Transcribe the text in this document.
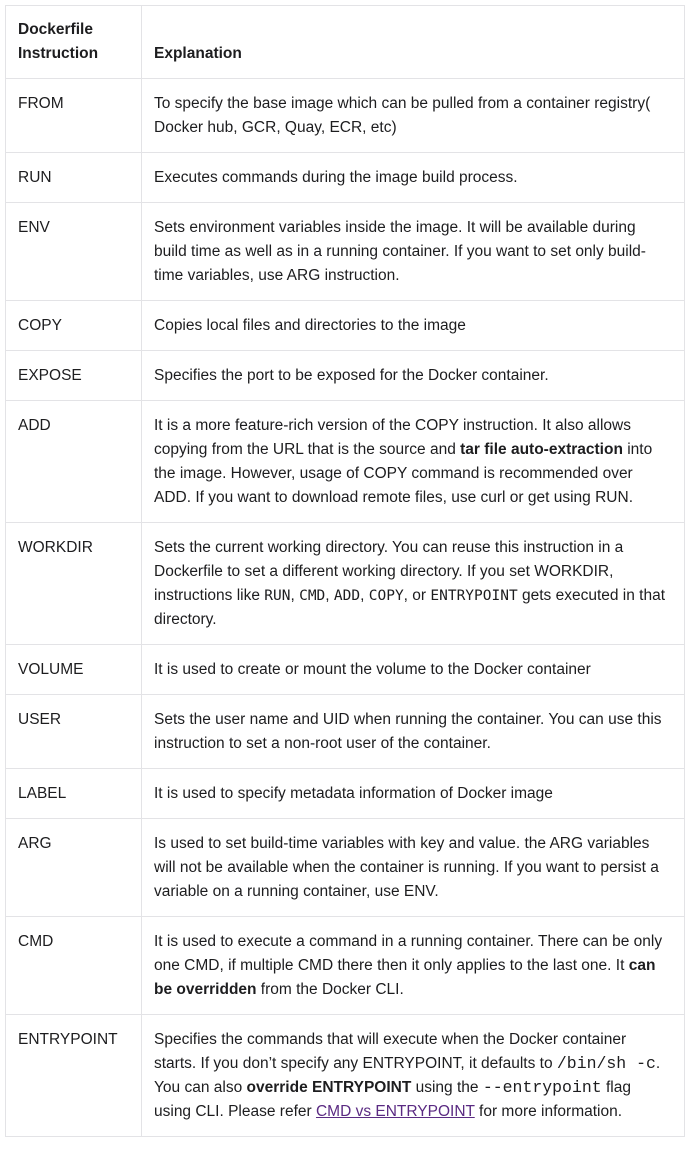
Dockerfile Instruction	Explanation
FROM	To specify the base image which can be pulled from a container registry( Docker hub, GCR, Quay, ECR, etc)
RUN	Executes commands during the image build process.
ENV	Sets environment variables inside the image. It will be available during build time as well as in a running container. If you want to set only build-time variables, use ARG instruction.
COPY	Copies local files and directories to the image
EXPOSE	Specifies the port to be exposed for the Docker container.
ADD	It is a more feature-rich version of the COPY instruction. It also allows copying from the URL that is the source and tar file auto-extraction into the image. However, usage of COPY command is recommended over ADD. If you want to download remote files, use curl or get using RUN.
WORKDIR	Sets the current working directory. You can reuse this instruction in a Dockerfile to set a different working directory. If you set WORKDIR, instructions like RUN, CMD, ADD, COPY, or ENTRYPOINT gets executed in that directory.
VOLUME	It is used to create or mount the volume to the Docker container
USER	Sets the user name and UID when running the container. You can use this instruction to set a non-root user of the container.
LABEL	It is used to specify metadata information of Docker image
ARG	Is used to set build-time variables with key and value. the ARG variables will not be available when the container is running. If you want to persist a variable on a running container, use ENV.
CMD	It is used to execute a command in a running container. There can be only one CMD, if multiple CMD there then it only applies to the last one. It can be overridden from the Docker CLI.
ENTRYPOINT	Specifies the commands that will execute when the Docker container starts. If you don’t specify any ENTRYPOINT, it defaults to /bin/sh -c. You can also override ENTRYPOINT using the --entrypoint flag using CLI. Please refer CMD vs ENTRYPOINT for more information.
